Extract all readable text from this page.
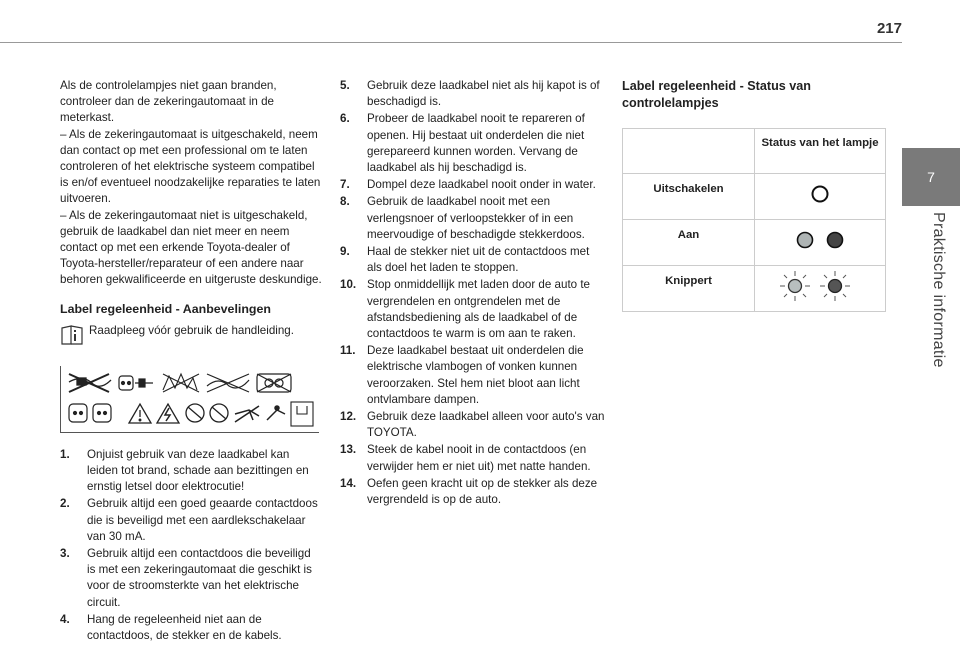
217
7
Praktische informatie

Als de controlelampjes niet gaan branden, controleer dan de zekeringautomaat in de meterkast.

– Als de zekeringautomaat is uitgeschakeld, neem dan contact op met een professional om te laten controleren of het elektrische systeem compatibel is en/of eventueel noodzakelijke reparaties te laten uitvoeren.

– Als de zekeringautomaat niet is uitgeschakeld, gebruik de laadkabel dan niet meer en neem contact op met een erkende Toyota-dealer of Toyota-hersteller/reparateur of een andere naar behoren gekwalificeerde en uitgeruste deskundige.

Label regeleenheid - Aanbevelingen

Raadpleeg vóór gebruik de handleiding.
1.	Onjuist gebruik van deze laadkabel kan leiden tot brand, schade aan bezittingen en ernstig letsel door elektrocutie!
2.	Gebruik altijd een goed geaarde contactdoos die is beveiligd met een aardlekschakelaar van 30 mA.
3.	Gebruik altijd een contactdoos die beveiligd is met een zekeringautomaat die geschikt is voor de stroomsterkte van het elektrische circuit.
4.	Hang de regeleenheid niet aan de contactdoos, de stekker en de kabels.
5.	Gebruik deze laadkabel niet als hij kapot is of beschadigd is.
6.	Probeer de laadkabel nooit te repareren of openen. Hij bestaat uit onderdelen die niet gerepareerd kunnen worden. Vervang de laadkabel als hij beschadigd is.
7.	Dompel deze laadkabel nooit onder in water.
8.	Gebruik de laadkabel nooit met een verlengsnoer of verloopstekker of in een meervoudige of beschadigde stekkerdoos.
9.	Haal de stekker niet uit de contactdoos met als doel het laden te stoppen.
10. Stop onmiddellijk met laden door de auto te vergrendelen en ontgrendelen met de afstandsbediening als de laadkabel of de contactdoos te warm is om aan te raken.
11. Deze laadkabel bestaat uit onderdelen die elektrische vlambogen of vonken kunnen veroorzaken. Stel hem niet bloot aan licht ontvlambare dampen.
12. Gebruik deze laadkabel alleen voor auto's van TOYOTA.
13. Steek de kabel nooit in de contactdoos (en verwijder hem er niet uit) met natte handen.
14. Oefen geen kracht uit op de stekker als deze vergrendeld is op de auto.

Label regeleenheid - Status van controlelampjes

	Status van het lampje
Uitschakelen	
Aan	
Knippert	
